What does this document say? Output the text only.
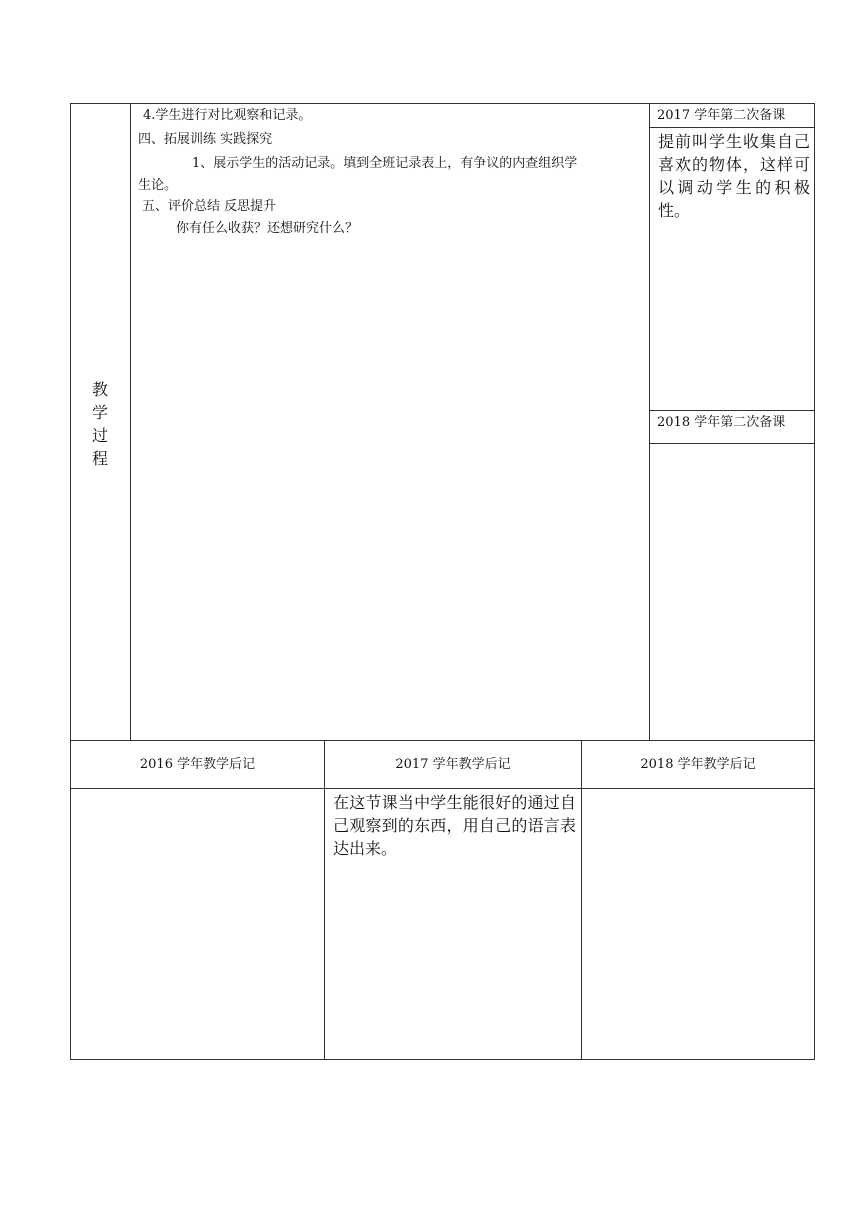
教
学
过
程
4.学生进行对比观察和记录。
四、拓展训练 实践探究
1、展示学生的活动记录。填到全班记录表上，有争议的内查组织学
生论。
五、评价总结 反思提升
你有任么收获？还想研究什么？
2017 学年第二次备课
提前叫学生收集自己喜欢的物体，这样可以调动学生的积极性。
2018 学年第二次备课
2016 学年教学后记	2017 学年教学后记	2018 学年教学后记
在这节课当中学生能很好的通过自己观察到的东西，用自己的语言表达出来。
